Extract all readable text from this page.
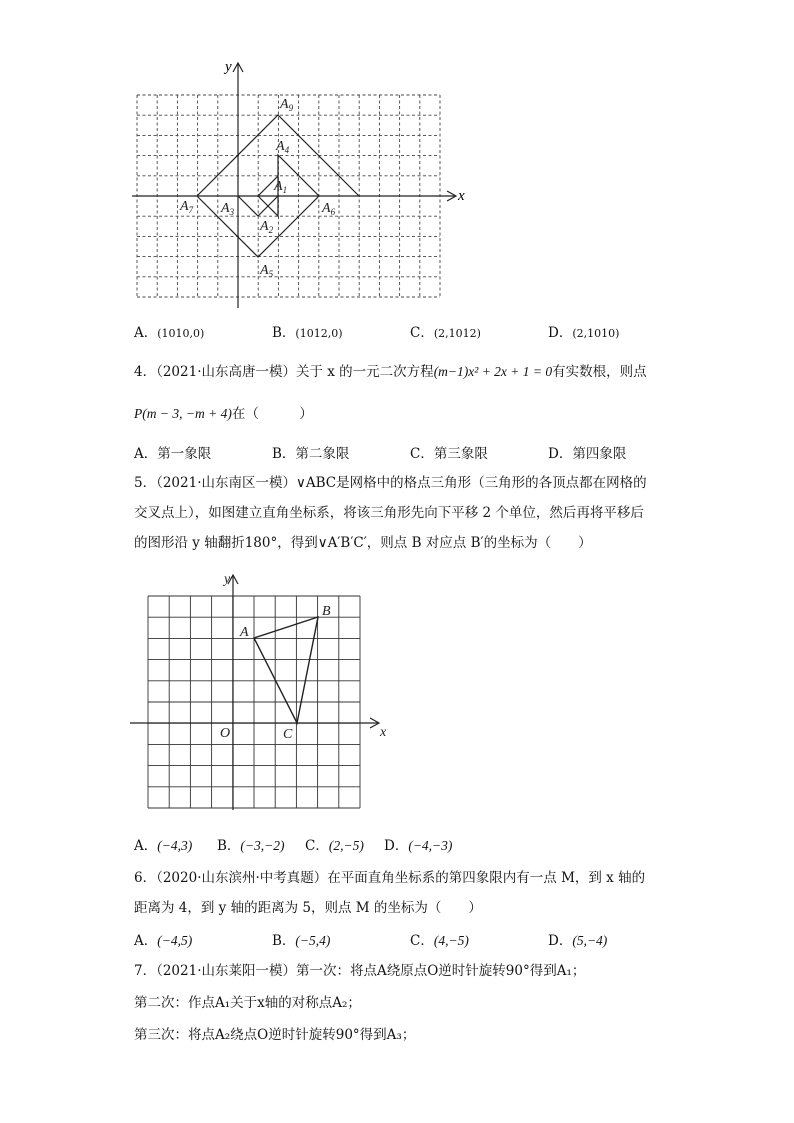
x
y
$A_9$
$A_4$
$A_1$
$A_7$ $A_3$	$A_6$
$A_2$
$A_5$
A．(1010,0)	B．(1012,0)	C．(2,1012)	D．(2,1010)
4．（2021·山东高唐一模）关于 x 的一元二次方程(m−1)x² + 2x + 1 = 0有实数根，则点
P(m − 3, −m + 4)在（　　　）
A．第一象限	B．第二象限	C．第三象限	D．第四象限
5．（2021·山东南区一模）∨ABC是网格中的格点三角形（三角形的各顶点都在网格的
交叉点上），如图建立直角坐标系，将该三角形先向下平移 2 个单位，然后再将平移后
的图形沿 y 轴翻折180°，得到∨A′B′C′，则点 B 对应点 B′的坐标为（　　）
x
y
O
A
B
C
A．(−4,3) B．(−3,−2) C．(2,−5) D．(−4,−3)
6．（2020·山东滨州·中考真题）在平面直角坐标系的第四象限内有一点 M，到 x 轴的
距离为 4，到 y 轴的距离为 5，则点 M 的坐标为（　　）
A．(−4,5)	B．(−5,4)	C．(4,−5)	D．(5,−4)
7．（2021·山东莱阳一模）第一次：将点A绕原点O逆时针旋转90°得到A₁；
第二次：作点A₁关于x轴的对称点A₂；
第三次：将点A₂绕点O逆时针旋转90°得到A₃；
